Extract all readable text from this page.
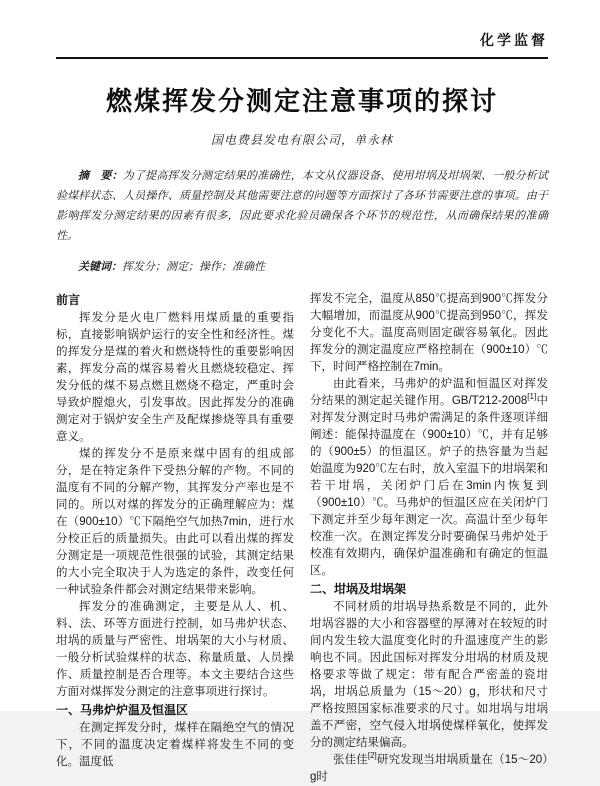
化学监督
燃煤挥发分测定注意事项的探讨
国电费县发电有限公司，单永林

摘　要：为了提高挥发分测定结果的准确性，本文从仪器设备、使用坩埚及坩埚架、一般分析试验煤样状态、人员操作、质量控制及其他需要注意的问题等方面探讨了各环节需要注意的事项。由于影响挥发分测定结果的因素有很多，因此要求化验员确保各个环节的规范性，从而确保结果的准确性。

关键词：挥发分；测定；操作；准确性

前言

挥发分是火电厂燃料用煤质量的重要指标，直接影响锅炉运行的安全性和经济性。煤的挥发分是煤的着火和燃烧特性的重要影响因素，挥发分高的煤容易着火且燃烧较稳定、挥发分低的煤不易点燃且燃烧不稳定，严重时会导致炉膛熄火，引发事故。因此挥发分的准确测定对于锅炉安全生产及配煤掺烧等具有重要意义。

煤的挥发分不是原来煤中固有的组成部分，是在特定条件下受热分解的产物。不同的温度有不同的分解产物，其挥发分产率也是不同的。所以对煤的挥发分的正确理解应为：煤在（900±10）℃下隔绝空气加热7min，进行水分校正后的质量损失。由此可以看出煤的挥发分测定是一项规范性很强的试验，其测定结果的大小完全取决于人为选定的条件，改变任何一种试验条件都会对测定结果带来影响。

挥发分的准确测定，主要是从人、机、料、法、环等方面进行控制，如马弗炉状态、坩埚的质量与严密性、坩埚架的大小与材质、一般分析试验煤样的状态、称量质量、人员操作、质量控制是否合理等。本文主要结合这些方面对煤挥发分测定的注意事项进行探讨。

一、马弗炉炉温及恒温区

在测定挥发分时，煤样在隔绝空气的情况下，不同的温度决定着煤样将发生不同的变化。温度低

挥发不完全，温度从850℃提高到900℃挥发分大幅增加，而温度从900℃提高到950℃，挥发分变化不大。温度高则固定碳容易氧化。因此挥发分的测定温度应严格控制在（900±10）℃下，时间严格控制在7min。

由此看来，马弗炉的炉温和恒温区对挥发分结果的测定起关键作用。GB/T212-2008[1]中对挥发分测定时马弗炉需满足的条件逐项详细阐述：能保持温度在（900±10）℃，并有足够的（900±5）的恒温区。炉子的热容量为当起始温度为920℃左右时，放入室温下的坩埚架和若干坩埚，关闭炉门后在3min内恢复到（900±10）℃。马弗炉的恒温区应在关闭炉门下测定并至少每年测定一次。高温计至少每年校准一次。在测定挥发分时要确保马弗炉处于校准有效期内，确保炉温准确和有确定的恒温区。

二、坩埚及坩埚架

不同材质的坩埚导热系数是不同的，此外坩埚容器的大小和容器壁的厚薄对在较短的时间内发生较大温度变化时的升温速度产生的影响也不同。因此国标对挥发分坩埚的材质及规格要求等做了规定：带有配合严密盖的瓷坩埚，坩埚总质量为（15～20）g，形状和尺寸严格按照国家标准要求的尺寸。如坩埚与坩埚盖不严密，空气侵入坩埚使煤样氧化，使挥发分的测定结果偏高。

张佳佳[2]研究发现当坩埚质量在（15～20）g时
